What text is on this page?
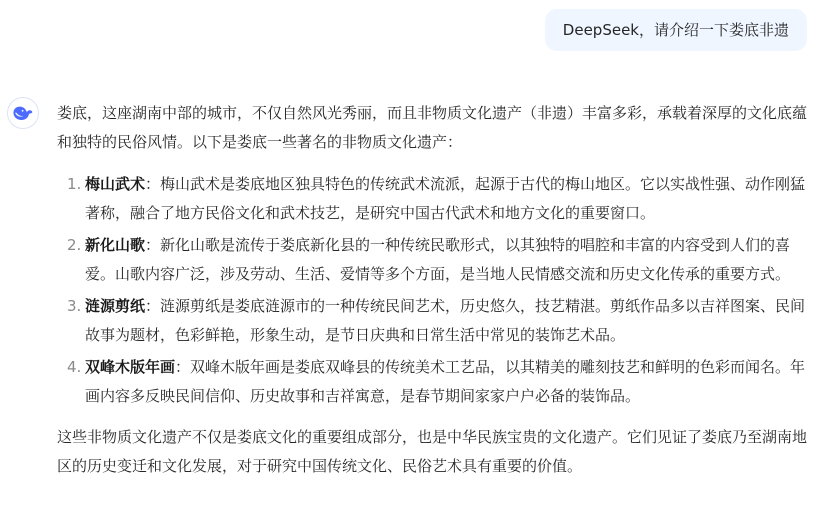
DeepSeek，请介绍一下娄底非遗

娄底，这座湖南中部的城市，不仅自然风光秀丽，而且非物质文化遗产（非遗）丰富多彩，承载着深厚的文化底蕴和独特的民俗风情。以下是娄底一些著名的非物质文化遗产：

1. 梅山武术：梅山武术是娄底地区独具特色的传统武术流派，起源于古代的梅山地区。它以实战性强、动作刚猛著称，融合了地方民俗文化和武术技艺，是研究中国古代武术和地方文化的重要窗口。
2. 新化山歌：新化山歌是流传于娄底新化县的一种传统民歌形式，以其独特的唱腔和丰富的内容受到人们的喜爱。山歌内容广泛，涉及劳动、生活、爱情等多个方面，是当地人民情感交流和历史文化传承的重要方式。
3. 涟源剪纸：涟源剪纸是娄底涟源市的一种传统民间艺术，历史悠久，技艺精湛。剪纸作品多以吉祥图案、民间故事为题材，色彩鲜艳，形象生动，是节日庆典和日常生活中常见的装饰艺术品。
4. 双峰木版年画：双峰木版年画是娄底双峰县的传统美术工艺品，以其精美的雕刻技艺和鲜明的色彩而闻名。年画内容多反映民间信仰、历史故事和吉祥寓意，是春节期间家家户户必备的装饰品。

这些非物质文化遗产不仅是娄底文化的重要组成部分，也是中华民族宝贵的文化遗产。它们见证了娄底乃至湖南地区的历史变迁和文化发展，对于研究中国传统文化、民俗艺术具有重要的价值。
